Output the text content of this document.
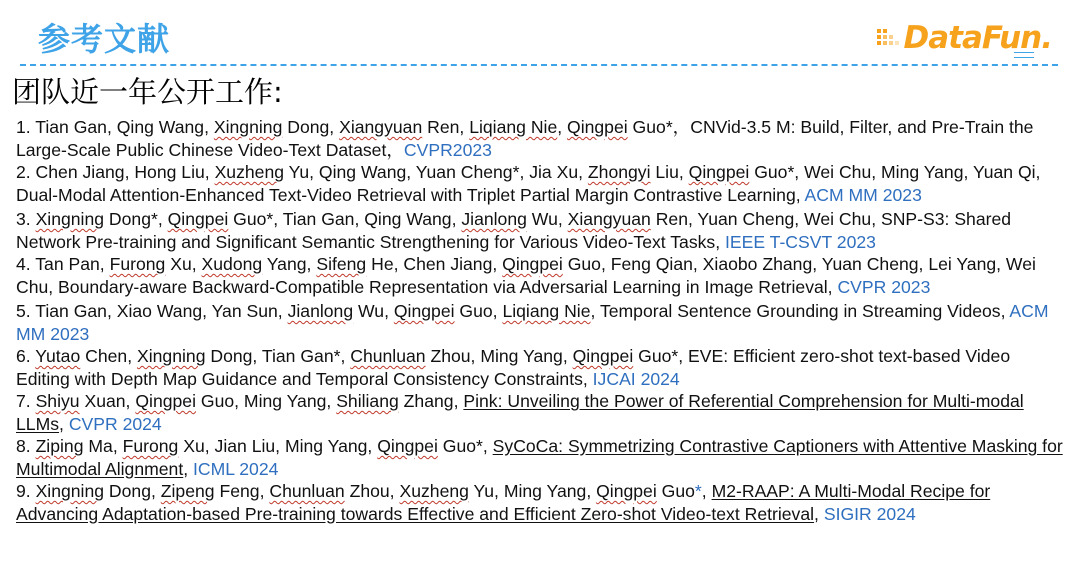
参考文献	DataFun.
团队近一年公开工作:

1. Tian Gan, Qing Wang, Xingning Dong, Xiangyuan Ren, Liqiang Nie, Qingpei Guo*，CNVid-3.5 M: Build, Filter, and Pre-Train the Large-Scale Public Chinese Video-Text Dataset，CVPR2023

2. Chen Jiang, Hong Liu, Xuzheng Yu, Qing Wang, Yuan Cheng*, Jia Xu, Zhongyi Liu, Qingpei Guo*, Wei Chu, Ming Yang, Yuan Qi, Dual-Modal Attention-Enhanced Text-Video Retrieval with Triplet Partial Margin Contrastive Learning, ACM MM 2023

3. Xingning Dong*, Qingpei Guo*, Tian Gan, Qing Wang, Jianlong Wu, Xiangyuan Ren, Yuan Cheng, Wei Chu, SNP-S3: Shared Network Pre-training and Significant Semantic Strengthening for Various Video-Text Tasks, IEEE T-CSVT 2023

4. Tan Pan, Furong Xu, Xudong Yang, Sifeng He, Chen Jiang, Qingpei Guo, Feng Qian, Xiaobo Zhang, Yuan Cheng, Lei Yang, Wei Chu, Boundary-aware Backward-Compatible Representation via Adversarial Learning in Image Retrieval, CVPR 2023

5. Tian Gan, Xiao Wang, Yan Sun, Jianlong Wu, Qingpei Guo, Liqiang Nie, Temporal Sentence Grounding in Streaming Videos, ACM MM 2023

6. Yutao Chen, Xingning Dong, Tian Gan*, Chunluan Zhou, Ming Yang, Qingpei Guo*, EVE: Efficient zero-shot text-based Video Editing with Depth Map Guidance and Temporal Consistency Constraints, IJCAI 2024

7. Shiyu Xuan, Qingpei Guo, Ming Yang, Shiliang Zhang, Pink: Unveiling the Power of Referential Comprehension for Multi-modal LLMs, CVPR 2024

8. Ziping Ma, Furong Xu, Jian Liu, Ming Yang, Qingpei Guo*, SyCoCa: Symmetrizing Contrastive Captioners with Attentive Masking for Multimodal Alignment, ICML 2024

9. Xingning Dong, Zipeng Feng, Chunluan Zhou, Xuzheng Yu, Ming Yang, Qingpei Guo*, M2-RAAP: A Multi-Modal Recipe for Advancing Adaptation-based Pre-training towards Effective and Efficient Zero-shot Video-text Retrieval, SIGIR 2024
